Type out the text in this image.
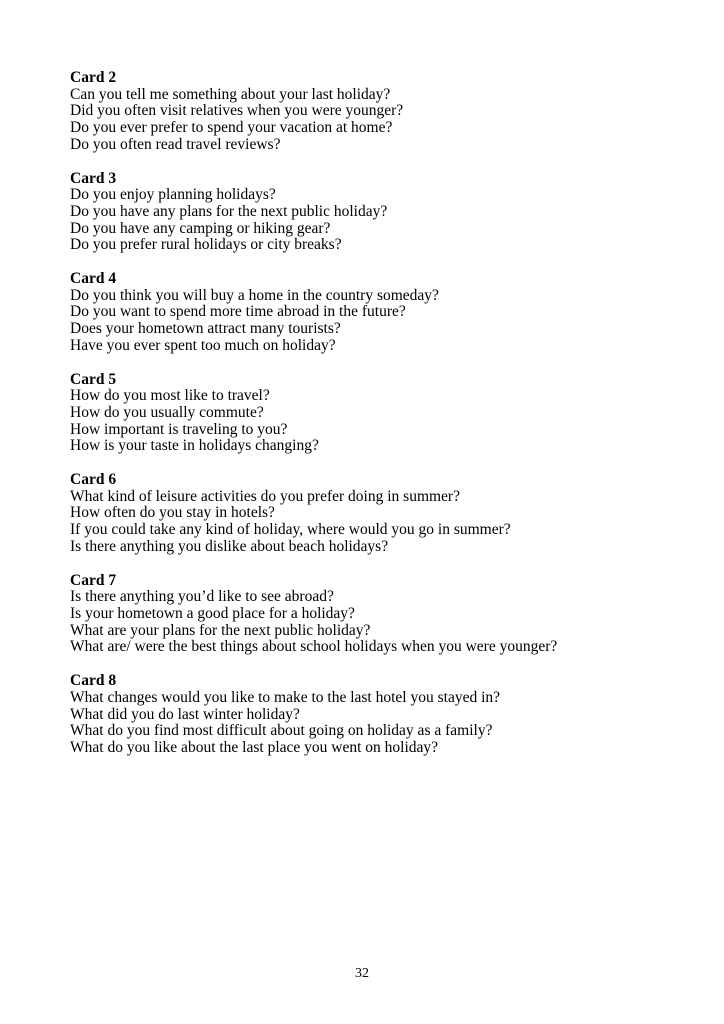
Card 2

Can you tell me something about your last holiday?

Did you often visit relatives when you were younger?

Do you ever prefer to spend your vacation at home?

Do you often read travel reviews?

Card 3

Do you enjoy planning holidays?

Do you have any plans for the next public holiday?

Do you have any camping or hiking gear?

Do you prefer rural holidays or city breaks?

Card 4

Do you think you will buy a home in the country someday?

Do you want to spend more time abroad in the future?

Does your hometown attract many tourists?

Have you ever spent too much on holiday?

Card 5

How do you most like to travel?

How do you usually commute?

How important is traveling to you?

How is your taste in holidays changing?

Card 6

What kind of leisure activities do you prefer doing in summer?

How often do you stay in hotels?

If you could take any kind of holiday, where would you go in summer?

Is there anything you dislike about beach holidays?

Card 7

Is there anything you’d like to see abroad?

Is your hometown a good place for a holiday?

What are your plans for the next public holiday?

What are/ were the best things about school holidays when you were younger?

Card 8

What changes would you like to make to the last hotel you stayed in?

What did you do last winter holiday?

What do you find most difficult about going on holiday as a family?

What do you like about the last place you went on holiday?

32
